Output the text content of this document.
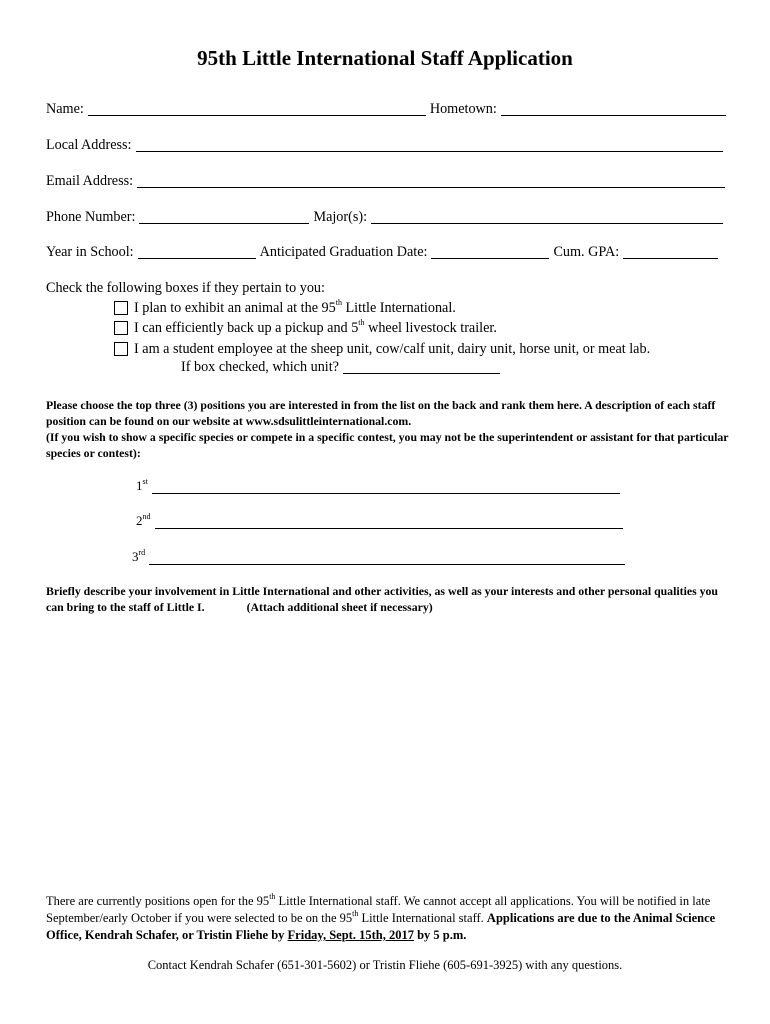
95th Little International Staff Application
Name:	Hometown:
Local Address:
Email Address:
Phone Number:	Major(s):
Year in School:	Anticipated Graduation Date:	Cum. GPA:
Check the following boxes if they pertain to you:
I plan to exhibit an animal at the 95th Little International.
I can efficiently back up a pickup and 5th wheel livestock trailer.
I am a student employee at the sheep unit, cow/calf unit, dairy unit, horse unit, or meat lab.
If box checked, which unit?
Please choose the top three (3) positions you are interested in from the list on the back and rank them here. A description of each staff position can be found on our website at www.sdsulittleinternational.com.
(If you wish to show a specific species or compete in a specific contest, you may not be the superintendent or assistant for that particular species or contest):
1st
2nd
3rd
Briefly describe your involvement in Little International and other activities, as well as your interests and other personal qualities you can bring to the staff of Little I.	(Attach additional sheet if necessary)
There are currently positions open for the 95th Little International staff. We cannot accept all applications. You will be notified in late September/early October if you were selected to be on the 95th Little International staff. Applications are due to the Animal Science Office, Kendrah Schafer, or Tristin Fliehe by Friday, Sept. 15th, 2017 by 5 p.m.
Contact Kendrah Schafer (651-301-5602) or Tristin Fliehe (605-691-3925) with any questions.
